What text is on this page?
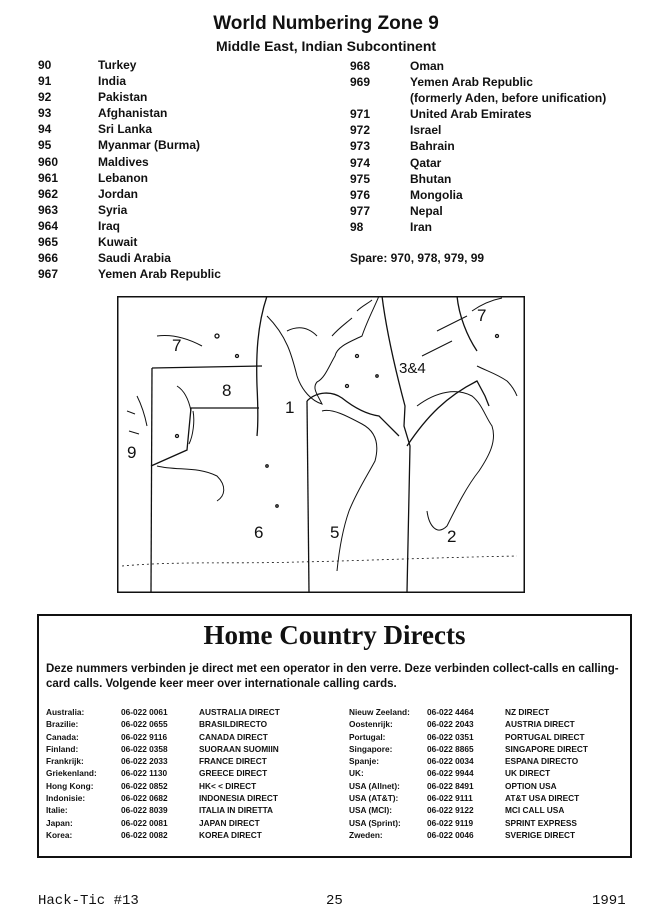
World Numbering Zone 9
Middle East, Indian Subcontinent
90	Turkey
91	India
92	Pakistan
93	Afghanistan
94	Sri Lanka
95	Myanmar (Burma)
960	Maldives
961	Lebanon
962	Jordan
963	Syria
964	Iraq
965	Kuwait
966	Saudi Arabia
967	Yemen Arab Republic
968	Oman
969	Yemen Arab Republic
(formerly Aden, before unification)
971	United Arab Emirates
972	Israel
973	Bahrain
974	Qatar
975	Bhutan
976	Mongolia
977	Nepal
98	Iran
Spare: 970, 978, 979, 99
7
8
1
9
3&4
7
6	5	2
Home Country Directs
Deze nummers verbinden je direct met een operator in den verre. Deze verbinden collect-calls en calling-card calls. Volgende keer meer over internationale calling cards.
Australia:	06-022 0061	AUSTRALIA DIRECT
Brazilie:	06-022 0655	BRASILDIRECTO
Canada:	06-022 9116	CANADA DIRECT
Finland:	06-022 0358	SUORAAN SUOMIIN
Frankrijk:	06-022 2033	FRANCE DIRECT
Griekenland:	06-022 1130	GREECE DIRECT
Hong Kong:	06-022 0852	HK< < DIRECT
Indonisie:	06-022 0682	INDONESIA DIRECT
Italie:	06-022 8039	ITALIA IN DIRETTA
Japan:	06-022 0081	JAPAN DIRECT
Korea:	06-022 0082	KOREA DIRECT
Nieuw Zeeland: 06-022 4464	NZ DIRECT
Oostenrijk:	06-022 2043	AUSTRIA DIRECT
Portugal:	06-022 0351	PORTUGAL DIRECT
Singapore:	06-022 8865	SINGAPORE DIRECT
Spanje:	06-022 0034	ESPANA DIRECTO
UK:	06-022 9944	UK DIRECT
USA (Allnet):	06-022 8491	OPTION USA
USA (AT&T):	06-022 9111	AT&T USA DIRECT
USA (MCI):	06-022 9122	MCI CALL USA
USA (Sprint):	06-022 9119	SPRINT EXPRESS
Zweden:	06-022 0046	SVERIGE DIRECT
Hack-Tic #13	25	1991
